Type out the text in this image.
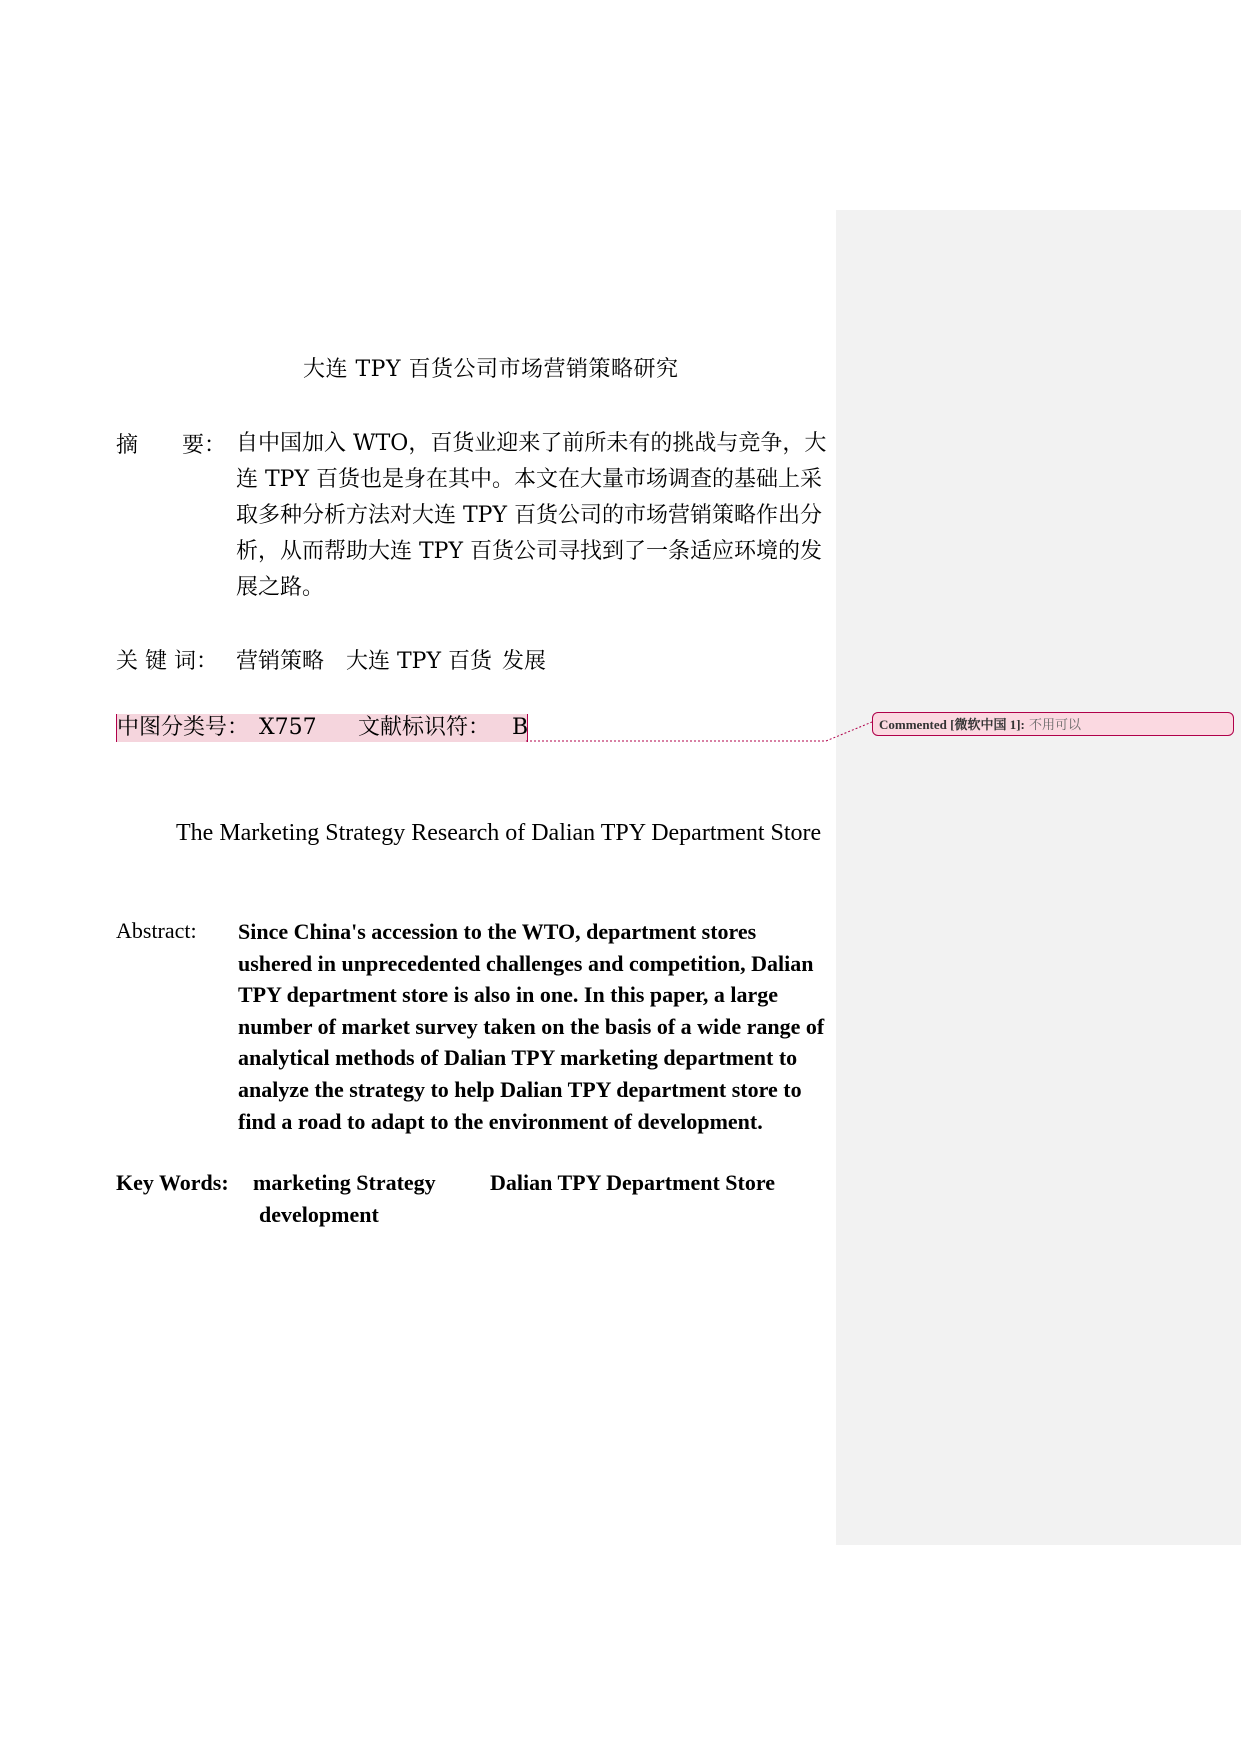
大连 TPY 百货公司市场营销策略研究
摘　　要： 自中国加入 WTO，百货业迎来了前所未有的挑战与竞争，大连 TPY 百货也是身在其中。本文在大量市场调查的基础上采取多种分析方法对大连 TPY 百货公司的市场营销策略作出分析，从而帮助大连 TPY 百货公司寻找到了一条适应环境的发展之路。
关 键 词： 营销策略 大连 TPY 百货 发展
中图分类号： X757 文献标识符： B	Commented [微软中国 1]: 不用可以
The Marketing Strategy Research of Dalian TPY Department Store
Abstract: Since China's accession to the WTO, department stores ushered in unprecedented challenges and competition, Dalian TPY department store is also in one. In this paper, a large number of market survey taken on the basis of a wide range of analytical methods of Dalian TPY marketing department to analyze the strategy to help Dalian TPY department store to find a road to adapt to the environment of development.
Key Words: marketing Strategy Dalian TPY Department Store
development
